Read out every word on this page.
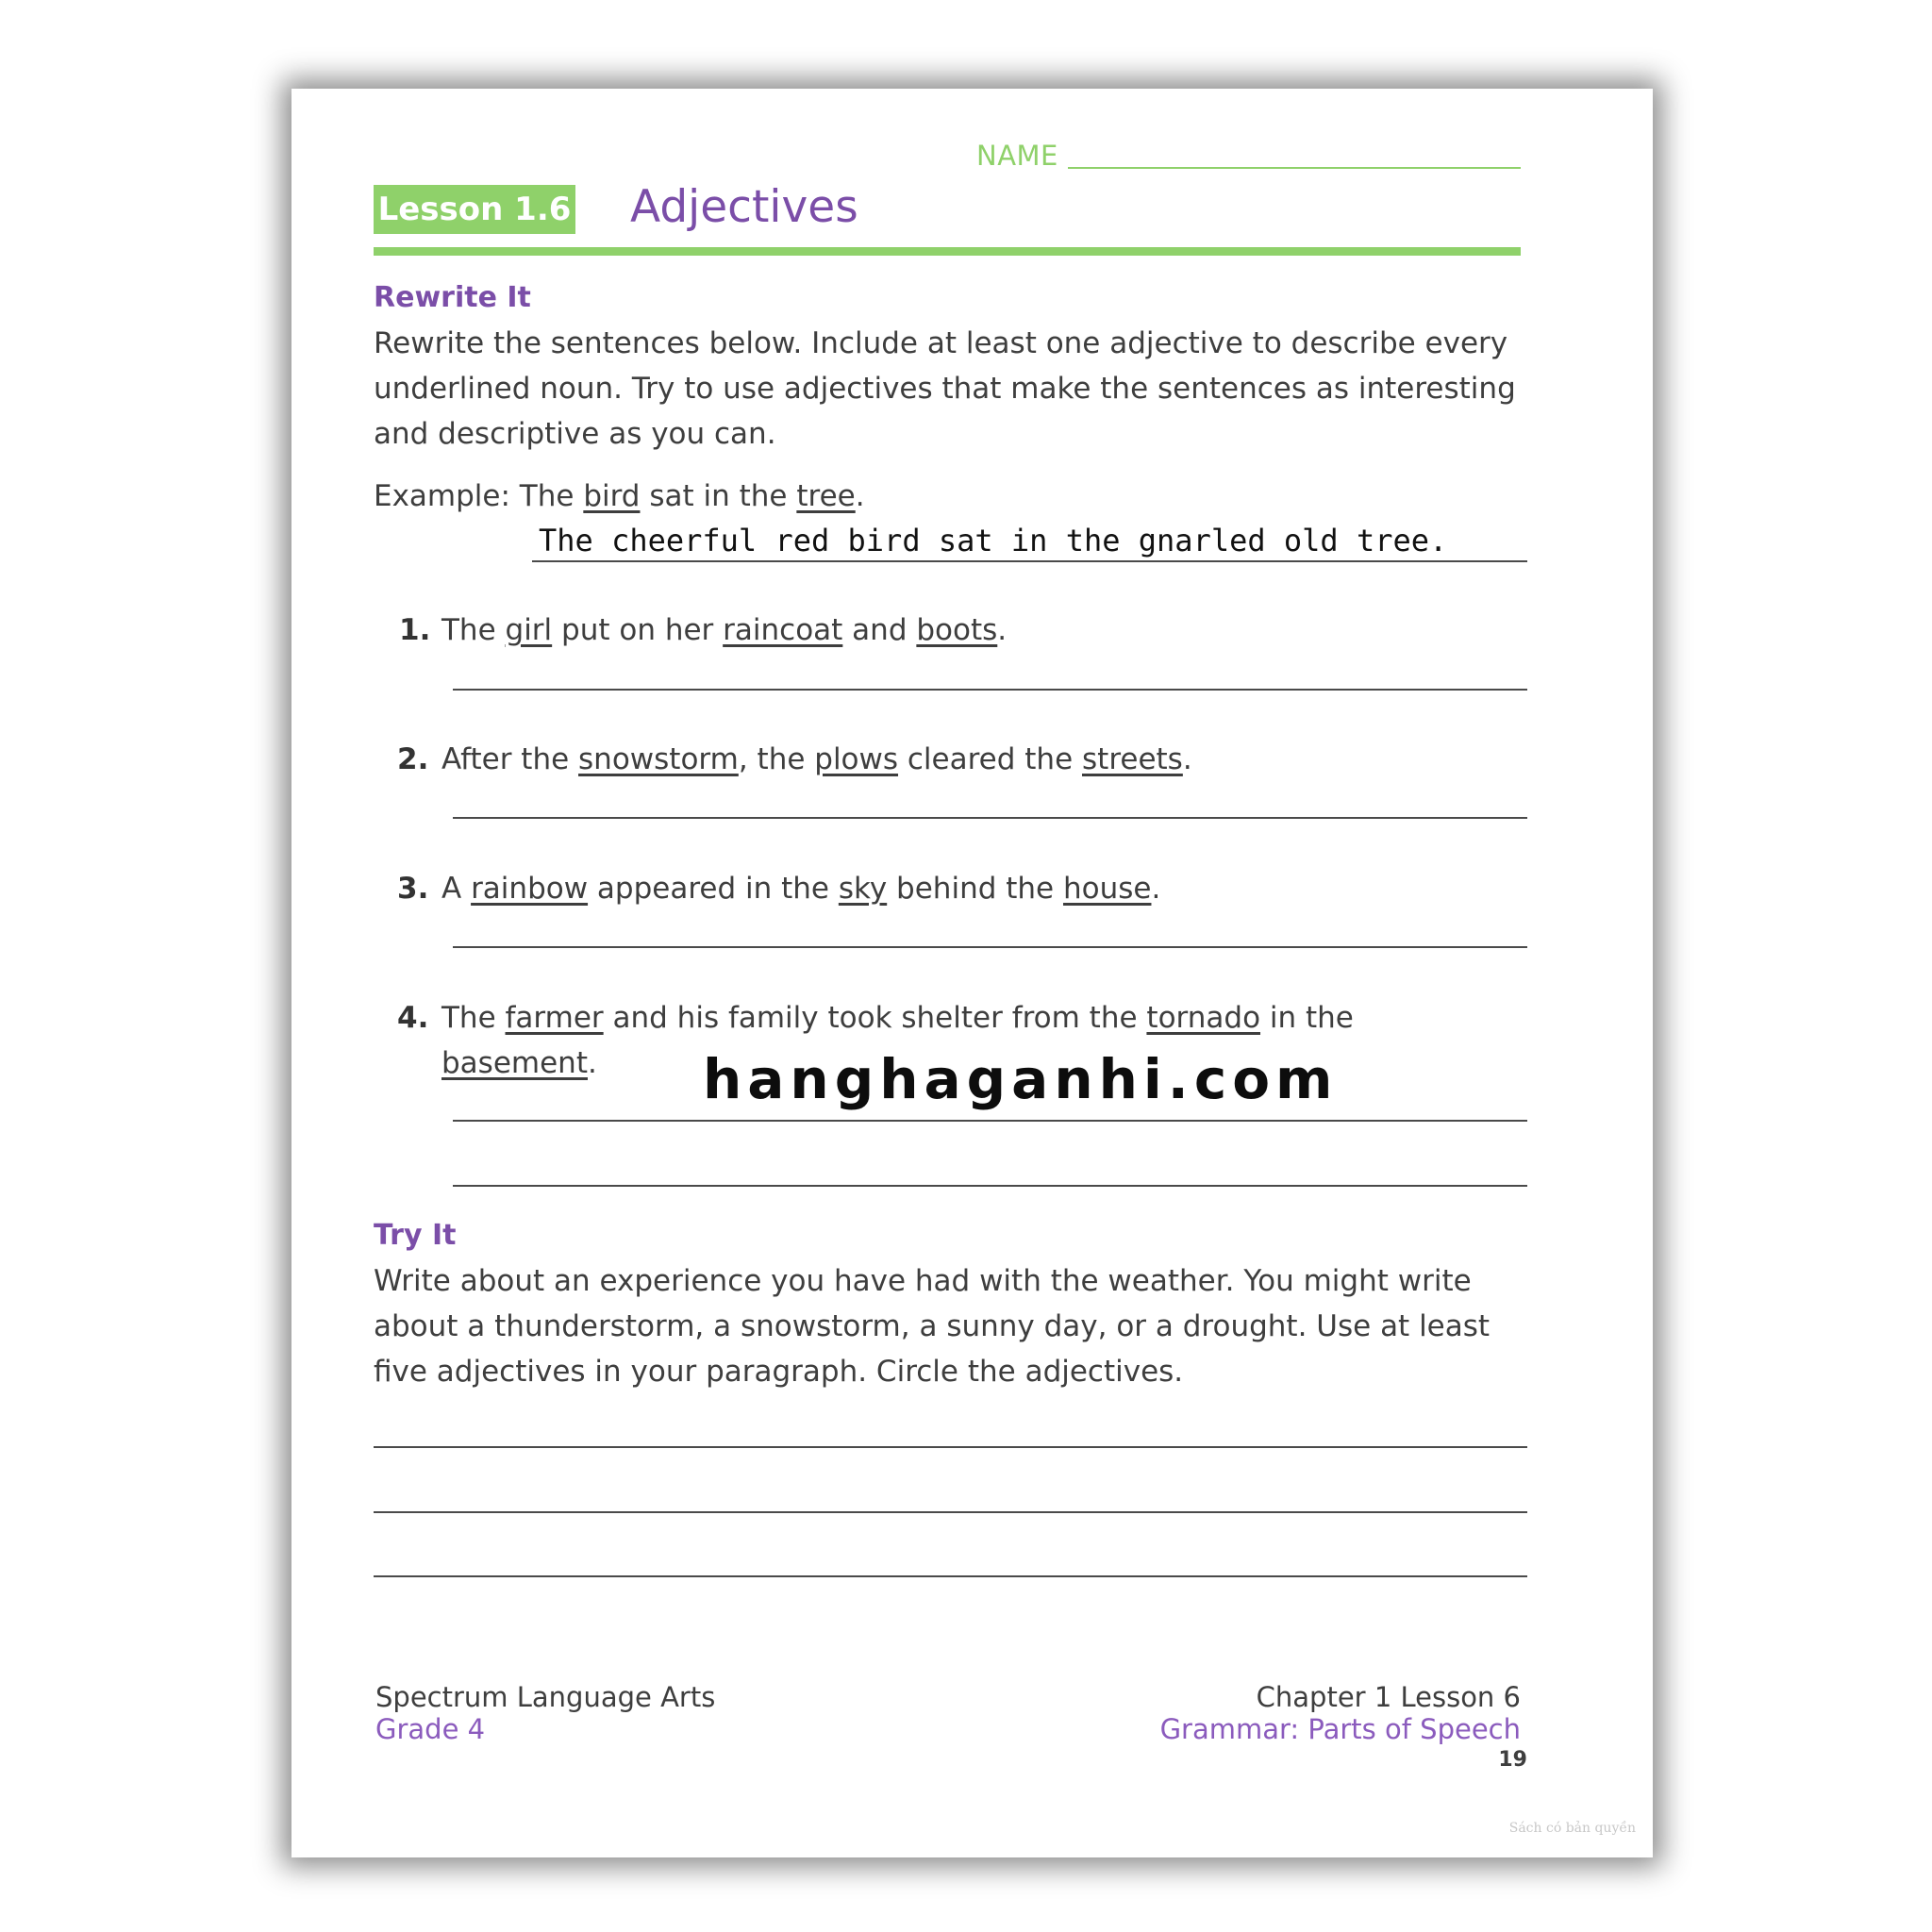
NAME
Lesson 1.6 Adjectives
Rewrite It
Rewrite the sentences below. Include at least one adjective to describe every underlined noun. Try to use adjectives that make the sentences as interesting and descriptive as you can.
Example: The bird sat in the tree.
The cheerful red bird sat in the gnarled old tree.
1. The girl put on her raincoat and boots.
2. After the snowstorm, the plows cleared the streets.
3. A rainbow appeared in the sky behind the house.
4. The farmer and his family took shelter from the tornado in the
basement. hanghaganhi.com
Try It
Write about an experience you have had with the weather. You might write about a thunderstorm, a snowstorm, a sunny day, or a drought. Use at least five adjectives in your paragraph. Circle the adjectives.
Spectrum Language Arts
Grade 4
Chapter 1 Lesson 6
Grammar: Parts of Speech
19
Sách có bản quyền
